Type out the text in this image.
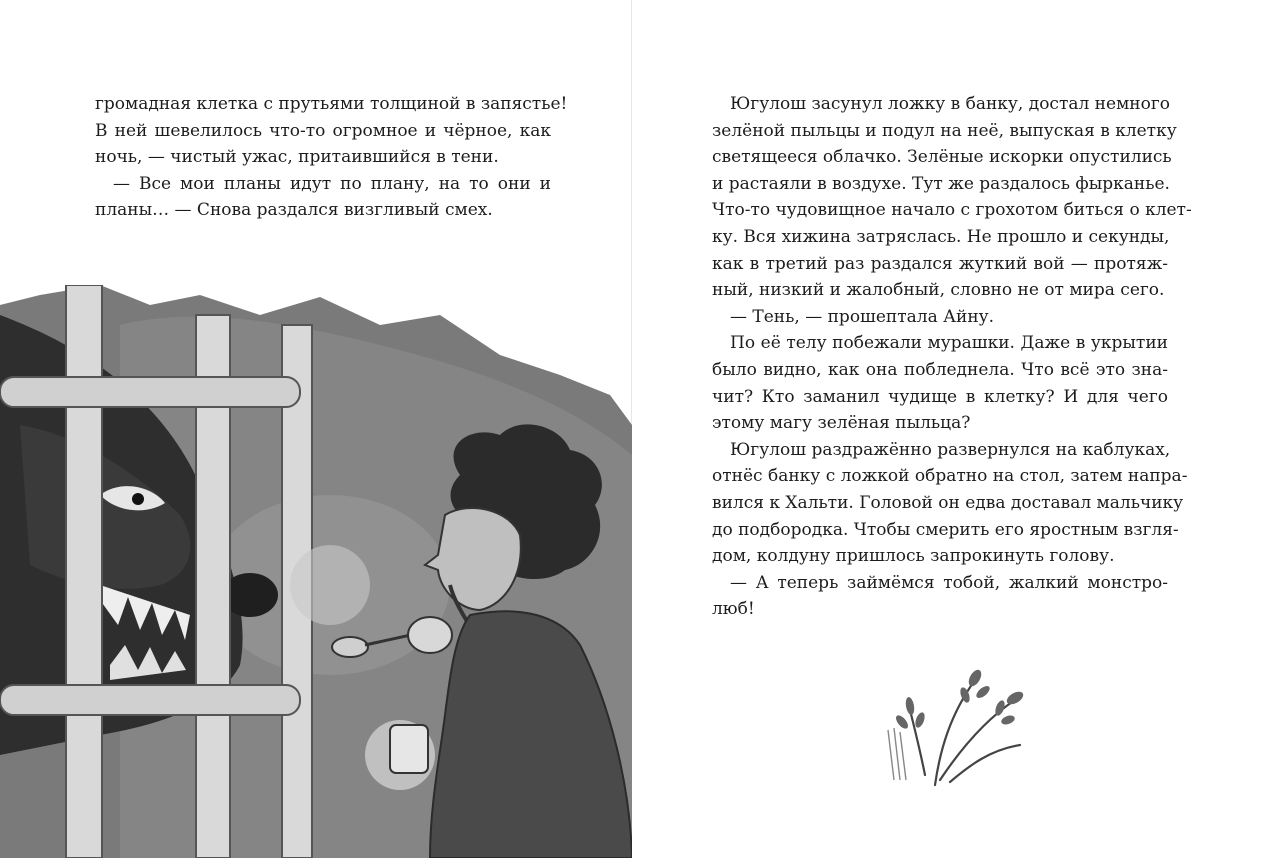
громадная клетка с прутьями толщиной в запястье!
В ней шевелилось что-то огромное и чёрное, как
ночь, — чистый ужас, притаившийся в тени.
— Все мои планы идут по плану, на то они и
планы… — Снова раздался визгливый смех.
Югулош засунул ложку в банку, достал немного
зелёной пыльцы и подул на неё, выпуская в клетку
светящееся облачко. Зелёные искорки опустились
и растаяли в воздухе. Тут же раздалось фырканье.
Что-то чудовищное начало с грохотом биться о клет-
ку. Вся хижина затряслась. Не прошло и секунды,
как в третий раз раздался жуткий вой — протяж-
ный, низкий и жалобный, словно не от мира сего.
— Тень, — прошептала Айну.
По её телу побежали мурашки. Даже в укрытии
было видно, как она побледнела. Что всё это зна-
чит? Кто заманил чудище в клетку? И для чего
этому магу зелёная пыльца?
Югулош раздражённо развернулся на каблуках,
отнёс банку с ложкой обратно на стол, затем напра-
вился к Хальти. Головой он едва доставал мальчику
до подбородка. Чтобы смерить его яростным взгля-
дом, колдуну пришлось запрокинуть голову.
— А теперь займёмся тобой, жалкий монстро-
люб!
